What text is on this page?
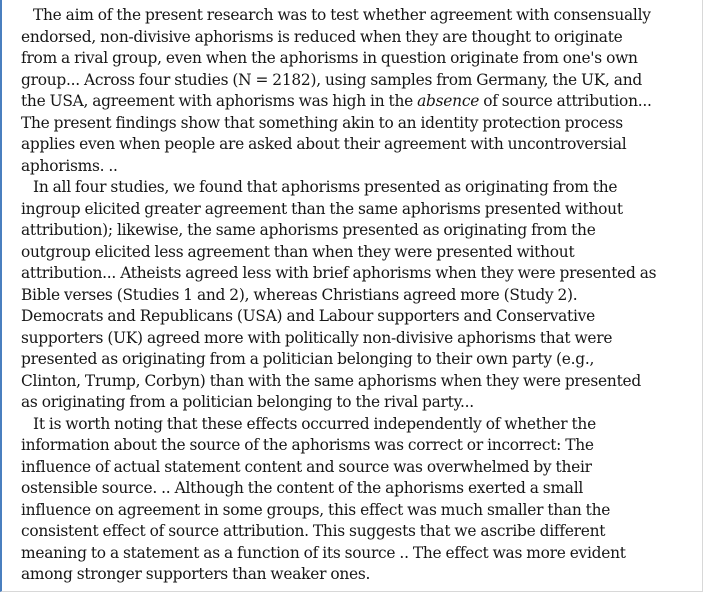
The aim of the present research was to test whether agreement with consensually
endorsed, non-divisive aphorisms is reduced when they are thought to originate
from a rival group, even when the aphorisms in question originate from one's own
group... Across four studies (N = 2182), using samples from Germany, the UK, and
the USA, agreement with aphorisms was high in the absence of source attribution...
The present findings show that something akin to an identity protection process
applies even when people are asked about their agreement with uncontroversial
aphorisms. ..

In all four studies, we found that aphorisms presented as originating from the
ingroup elicited greater agreement than the same aphorisms presented without
attribution); likewise, the same aphorisms presented as originating from the
outgroup elicited less agreement than when they were presented without
attribution... Atheists agreed less with brief aphorisms when they were presented as
Bible verses (Studies 1 and 2), whereas Christians agreed more (Study 2).
Democrats and Republicans (USA) and Labour supporters and Conservative
supporters (UK) agreed more with politically non-divisive aphorisms that were
presented as originating from a politician belonging to their own party (e.g.,
Clinton, Trump, Corbyn) than with the same aphorisms when they were presented
as originating from a politician belonging to the rival party...

It is worth noting that these effects occurred independently of whether the
information about the source of the aphorisms was correct or incorrect: The
influence of actual statement content and source was overwhelmed by their
ostensible source. .. Although the content of the aphorisms exerted a small
influence on agreement in some groups, this effect was much smaller than the
consistent effect of source attribution. This suggests that we ascribe different
meaning to a statement as a function of its source .. The effect was more evident
among stronger supporters than weaker ones.
